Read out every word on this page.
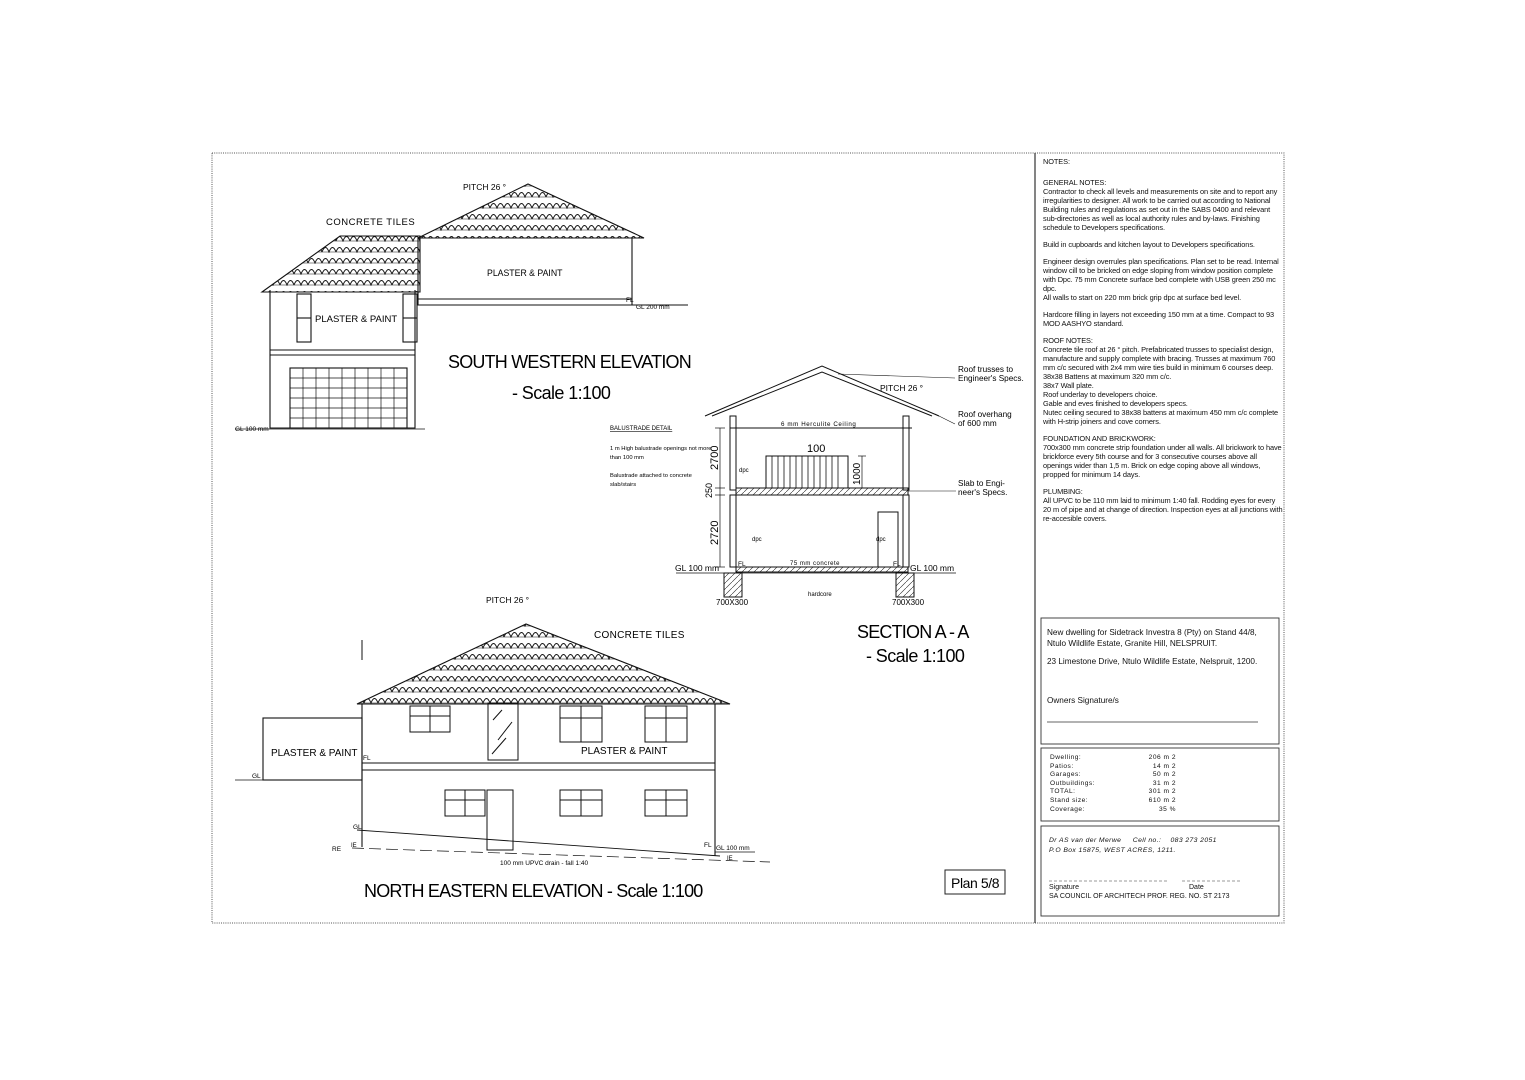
PITCH 26 °
CONCRETE TILES
PLASTER & PAINT
PLASTER & PAINT
GL 100 mm
FL
GL 200 mm
SOUTH WESTERN ELEVATION
- Scale 1:100	PITCH 26 °
6 mm Herculite Ceiling
BALUSTRADE DETAIL
1 m High balustrade openings not more than 100 mm
Balustrade attached to concrete slab/stairs
2700
250
2720
100
1000
dpc
dpc	dpc
FL	FL
GL 100 mm	GL 100 mm
75 mm concrete
hardcore
700X300	700X300
Roof trusses to Engineer's Specs.
Roof overhang of 600 mm
Slab to Engi-neer's Specs.
SECTION A - A
- Scale 1:100
PITCH 26 °
CONCRETE TILES
PLASTER & PAINT	PLASTER & PAINT
GL
FL
GL
RE IE	FL GL 100 mm
IE
100 mm UPVC drain - fall 1:40
NORTH EASTERN ELEVATION - Scale 1:100	Plan 5/8

NOTES:

GENERAL NOTES:

Contractor to check all levels and measurements on site and to report any irregularities to designer. All work to be carried out according to National Building rules and regulations as set out in the SABS 0400 and relevant sub-directories as well as local authority rules and by-laws. Finishing schedule to Developers specifications.

Build in cupboards and kitchen layout to Developers specifications.

Engineer design overrules plan specifications. Plan set to be read. Internal window cill to be bricked on edge sloping from window position complete with Dpc. 75 mm Concrete surface bed complete with USB green 250 mc dpc.

All walls to start on 220 mm brick grip dpc at surface bed level.

Hardcore filling in layers not exceeding 150 mm at a time. Compact to 93 MOD AASHYO standard.

ROOF NOTES:

Concrete tile roof at 26 ° pitch. Prefabricated trusses to specialist design, manufacture and supply complete with bracing. Trusses at maximum 760 mm c/c secured with 2x4 mm wire ties build in minimum 6 courses deep. 38x38 Battens at maximum 320 mm c/c.

38x7 Wall plate.

Roof underlay to developers choice.

Gable and eves finished to developers specs.

Nutec ceiling secured to 38x38 battens at maximum 450 mm c/c complete with H-strip joiners and cove corners.

FOUNDATION AND BRICKWORK:

700x300 mm concrete strip foundation under all walls. All brickwork to have brickforce every 5th course and for 3 consecutive courses above all openings wider than 1,5 m. Brick on edge coping above all windows, propped for minimum 14 days.

PLUMBING:

All UPVC to be 110 mm laid to minimum 1:40 fall. Rodding eyes for every 20 m of pipe and at change of direction. Inspection eyes at all junctions with re-accesible covers.

New dwelling for Sidetrack Investra 8 (Pty) on Stand 44/8, Ntulo Wildlife Estate, Granite Hill, NELSPRUIT.

23 Limestone Drive, Ntulo Wildlife Estate, Nelspruit, 1200.

Owners Signature/s

Dwelling:	206 m 2
Patios:	14 m 2
Garages:	50 m 2
Outbuildings:	31 m 2
TOTAL:	301 m 2
Stand size:	610 m 2
Coverage:	35 %
Dr AS van der Merwe Cell no.: 083 273 2051
P.O Box 15875, WEST ACRES, 1211.
Signature	Date
SA COUNCIL OF ARCHITECH PROF. REG. NO. ST 2173
